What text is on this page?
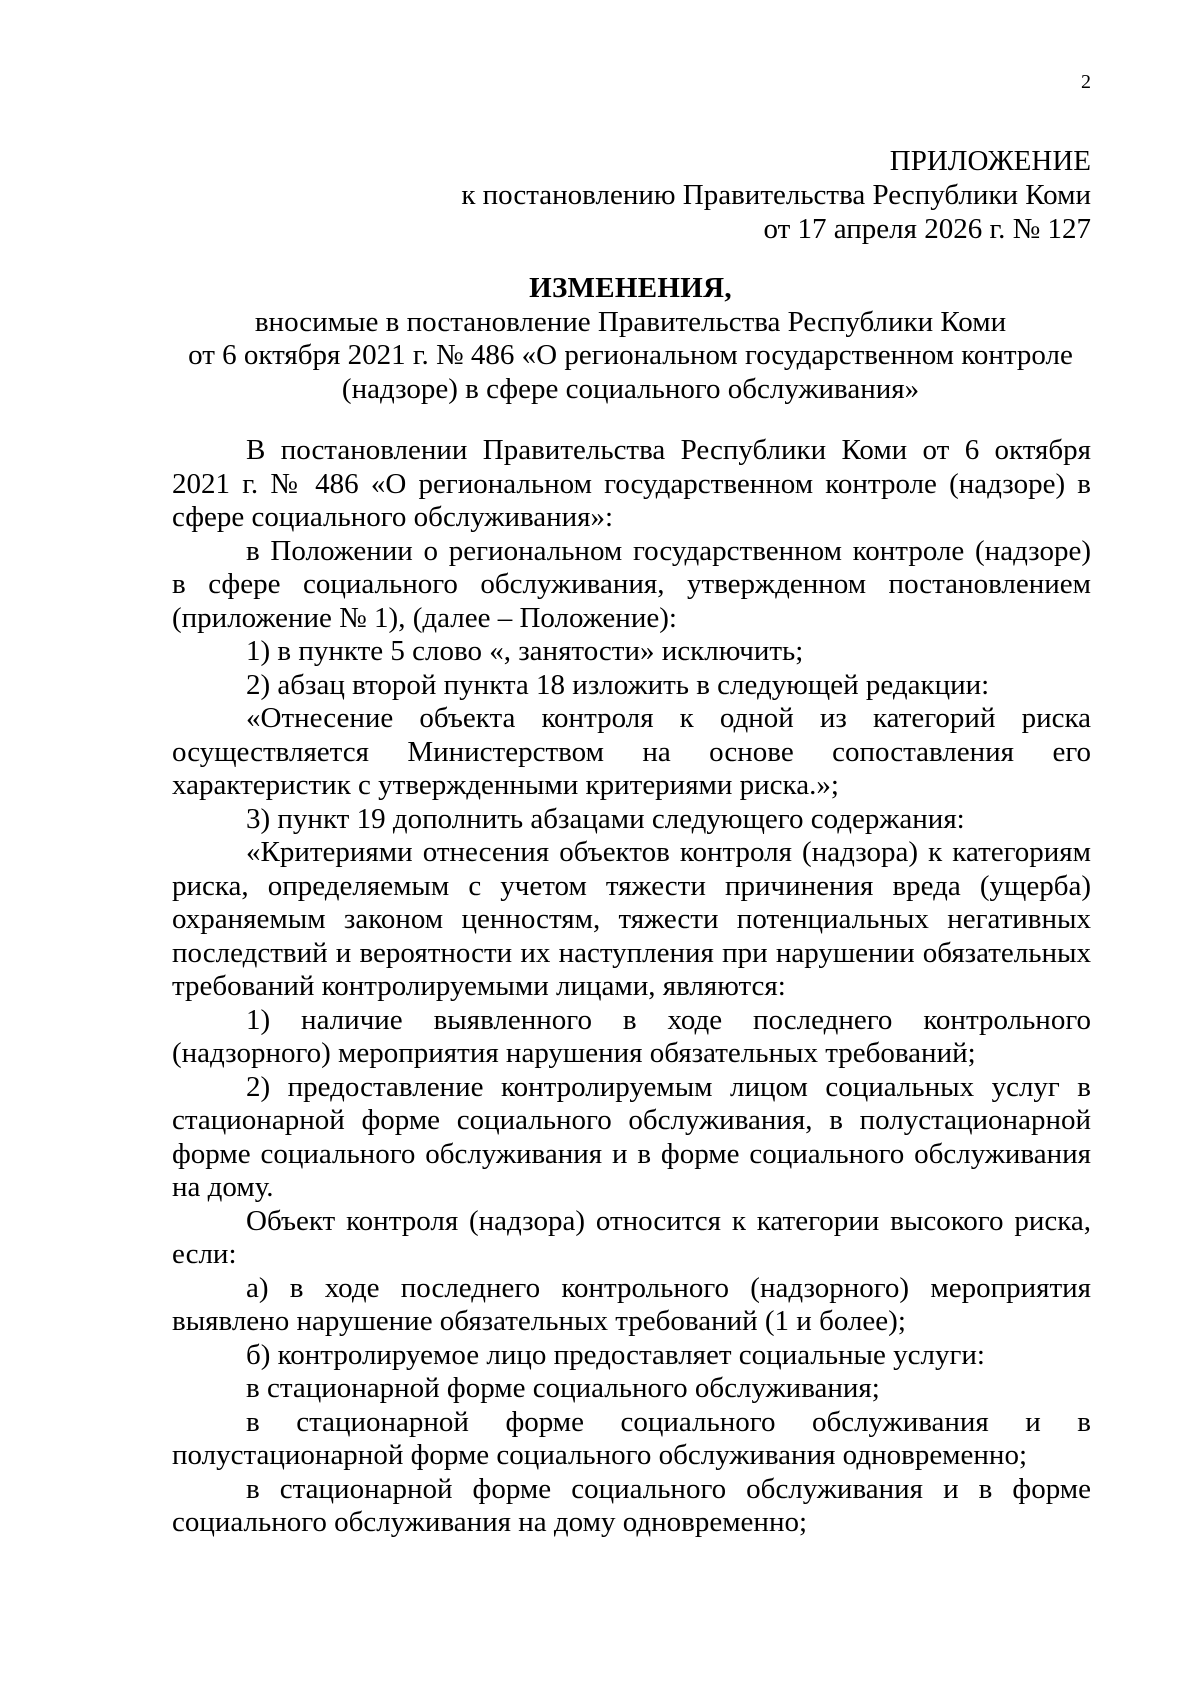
2
ПРИЛОЖЕНИЕ
к постановлению Правительства Республики Коми
от 17 апреля 2026 г. № 127
ИЗМЕНЕНИЯ,
вносимые в постановление Правительства Республики Коми
от 6 октября 2021 г. № 486 «О региональном государственном контроле
(надзоре) в сфере социального обслуживания»

В постановлении Правительства Республики Коми от 6 октября 2021 г. № 486 «О региональном государственном контроле (надзоре) в сфере социального обслуживания»:

в Положении о региональном государственном контроле (надзоре) в сфере социального обслуживания, утвержденном постановлением (приложение № 1), (далее – Положение):

1) в пункте 5 слово «, занятости» исключить;

2) абзац второй пункта 18 изложить в следующей редакции:

«Отнесение объекта контроля к одной из категорий риска осуществляется Министерством на основе сопоставления его характеристик с утвержденными критериями риска.»;

3) пункт 19 дополнить абзацами следующего содержания:

«Критериями отнесения объектов контроля (надзора) к категориям риска, определяемым с учетом тяжести причинения вреда (ущерба) охраняемым законом ценностям, тяжести потенциальных негативных последствий и вероятности их наступления при нарушении обязательных требований контролируемыми лицами, являются:

1) наличие выявленного в ходе последнего контрольного (надзорного) мероприятия нарушения обязательных требований;

2) предоставление контролируемым лицом социальных услуг в стационарной форме социального обслуживания, в полустационарной форме социального обслуживания и в форме социального обслуживания на дому.

Объект контроля (надзора) относится к категории высокого риска, если:

а) в ходе последнего контрольного (надзорного) мероприятия выявлено нарушение обязательных требований (1 и более);

б) контролируемое лицо предоставляет социальные услуги:

в стационарной форме социального обслуживания;

в стационарной форме социального обслуживания и в полустационарной форме социального обслуживания одновременно;

в стационарной форме социального обслуживания и в форме социального обслуживания на дому одновременно;
